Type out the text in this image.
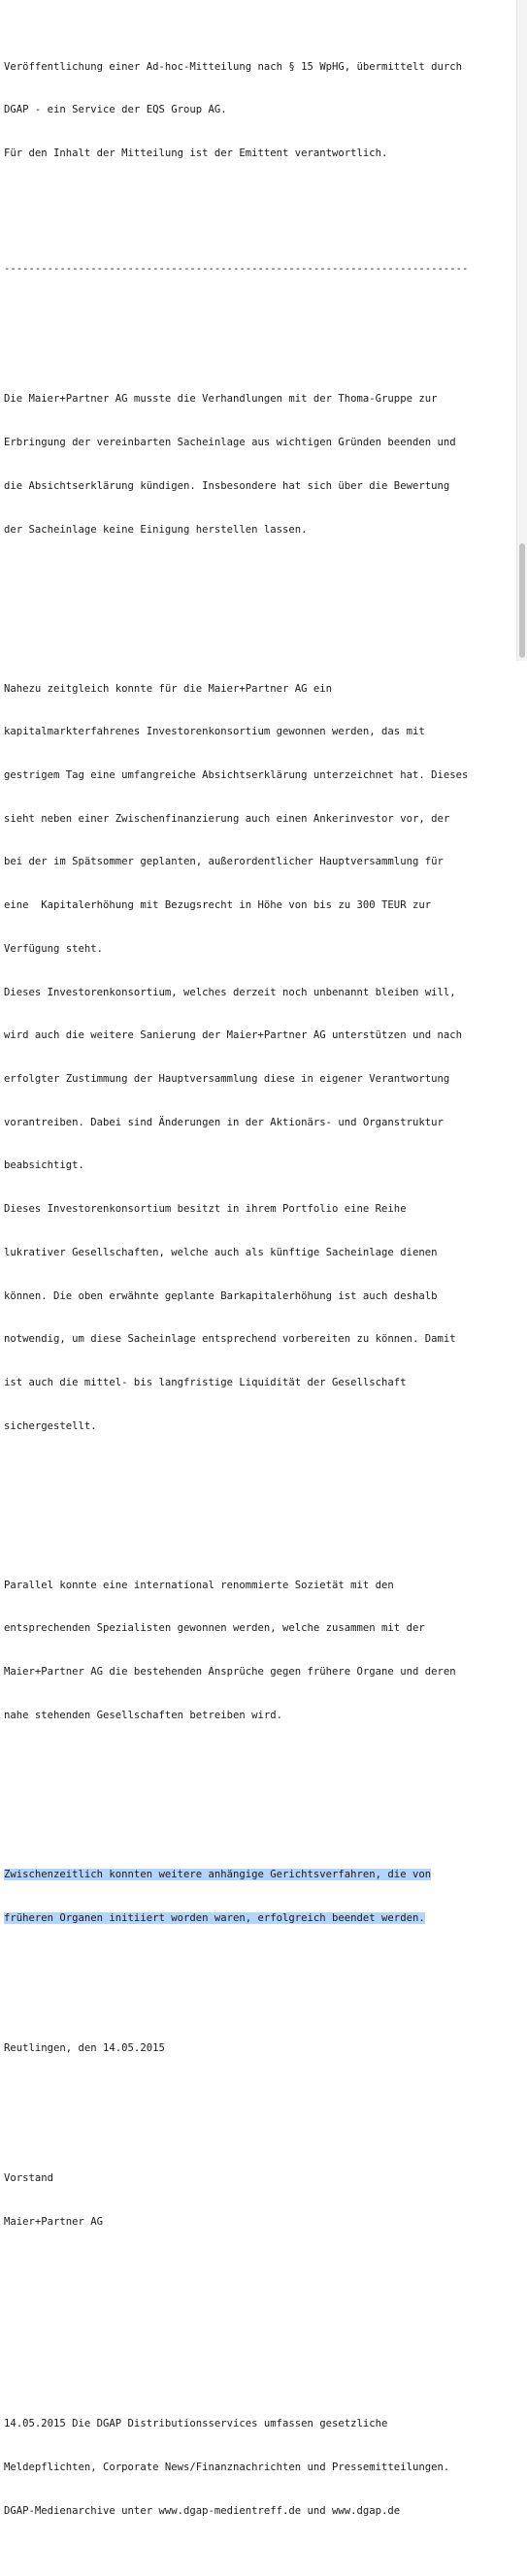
Veröffentlichung einer Ad-hoc-Mitteilung nach § 15 WpHG, übermittelt durch

DGAP - ein Service der EQS Group AG.

Für den Inhalt der Mitteilung ist der Emittent verantwortlich.

---------------------------------------------------------------------------

Die Maier+Partner AG musste die Verhandlungen mit der Thoma-Gruppe zur

Erbringung der vereinbarten Sacheinlage aus wichtigen Gründen beenden und

die Absichtserklärung kündigen. Insbesondere hat sich über die Bewertung

der Sacheinlage keine Einigung herstellen lassen.

Nahezu zeitgleich konnte für die Maier+Partner AG ein

kapitalmarkterfahrenes Investorenkonsortium gewonnen werden, das mit

gestrigem Tag eine umfangreiche Absichtserklärung unterzeichnet hat. Dieses

sieht neben einer Zwischenfinanzierung auch einen Ankerinvestor vor, der

bei der im Spätsommer geplanten, außerordentlicher Hauptversammlung für

eine  Kapitalerhöhung mit Bezugsrecht in Höhe von bis zu 300 TEUR zur

Verfügung steht.

Dieses Investorenkonsortium, welches derzeit noch unbenannt bleiben will,

wird auch die weitere Sanierung der Maier+Partner AG unterstützen und nach

erfolgter Zustimmung der Hauptversammlung diese in eigener Verantwortung

vorantreiben. Dabei sind Änderungen in der Aktionärs- und Organstruktur

beabsichtigt.

Dieses Investorenkonsortium besitzt in ihrem Portfolio eine Reihe

lukrativer Gesellschaften, welche auch als künftige Sacheinlage dienen

können. Die oben erwähnte geplante Barkapitalerhöhung ist auch deshalb

notwendig, um diese Sacheinlage entsprechend vorbereiten zu können. Damit

ist auch die mittel- bis langfristige Liquidität der Gesellschaft

sichergestellt.

Parallel konnte eine international renommierte Sozietät mit den

entsprechenden Spezialisten gewonnen werden, welche zusammen mit der

Maier+Partner AG die bestehenden Ansprüche gegen frühere Organe und deren

nahe stehenden Gesellschaften betreiben wird.

Zwischenzeitlich konnten weitere anhängige Gerichtsverfahren, die von

früheren Organen initiiert worden waren, erfolgreich beendet werden.

Reutlingen, den 14.05.2015

Vorstand

Maier+Partner AG

14.05.2015 Die DGAP Distributionsservices umfassen gesetzliche

Meldepflichten, Corporate News/Finanznachrichten und Pressemitteilungen.

DGAP-Medienarchive unter www.dgap-medientreff.de und www.dgap.de
